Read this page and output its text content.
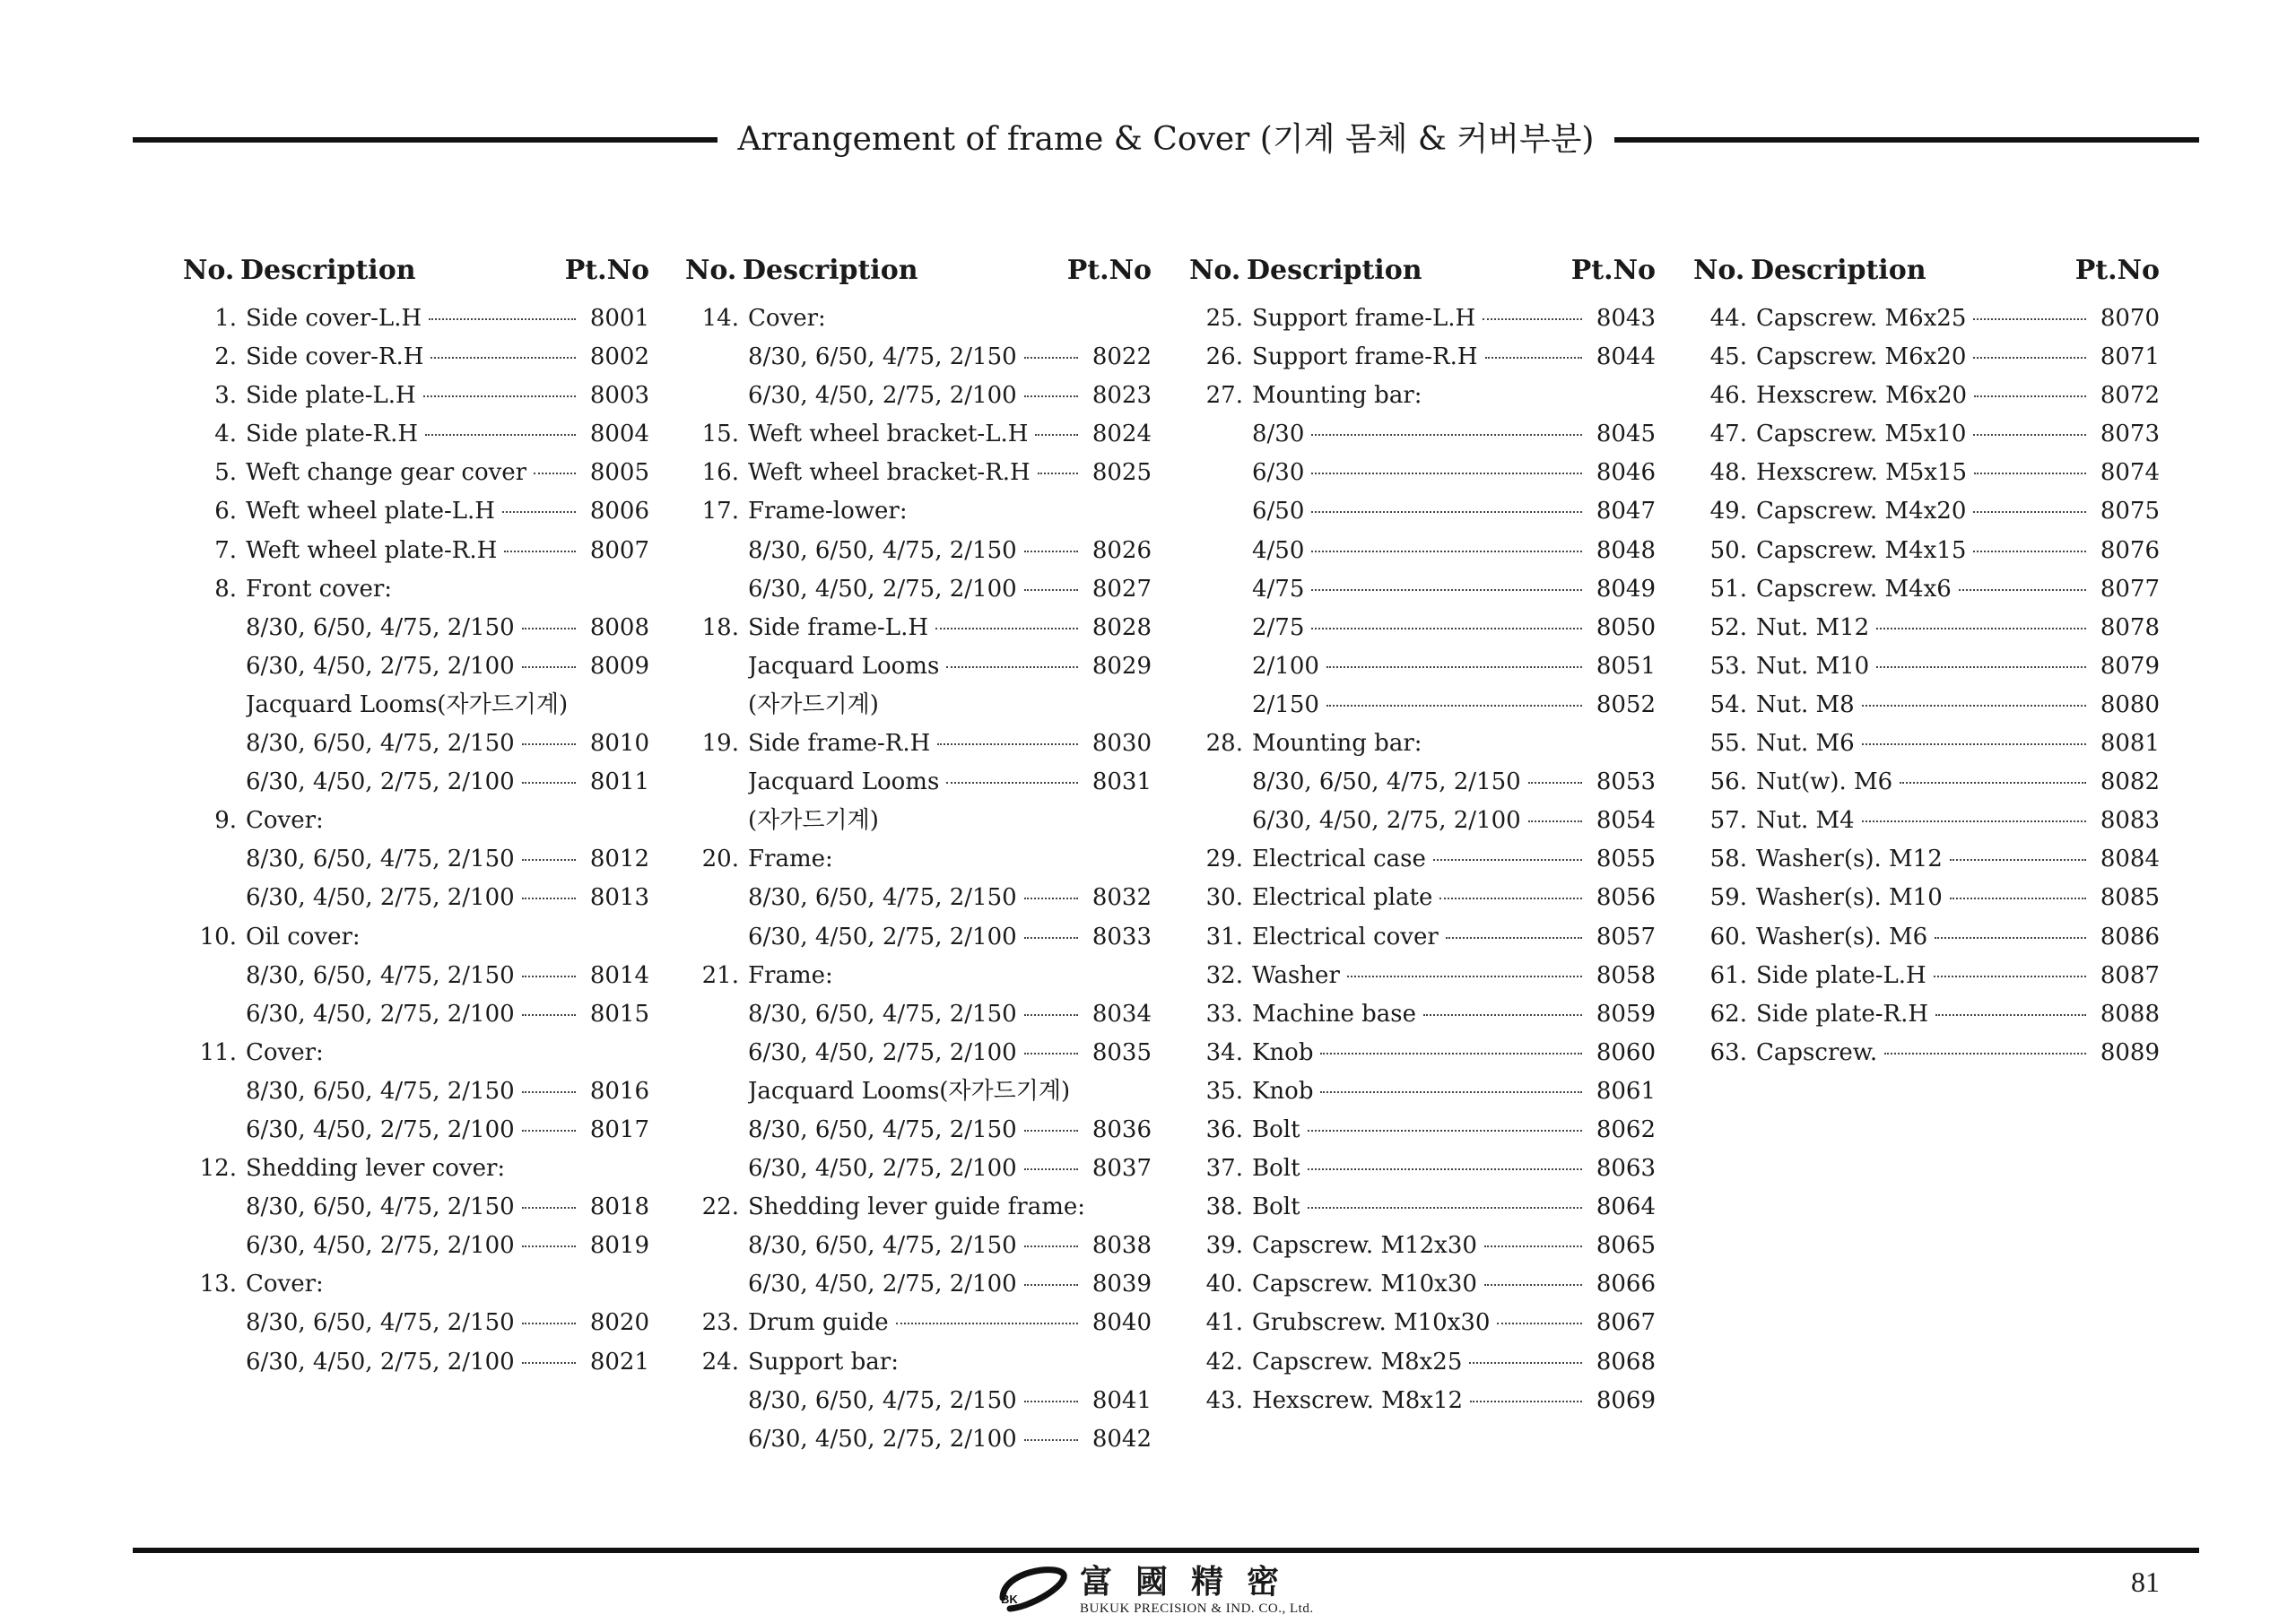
Arrangement of frame & Cover (기계 몸체 & 커버부분)
No. Description	Pt.No
1. Side cover-L.H	8001
2. Side cover-R.H	8002
3. Side plate-L.H	8003
4. Side plate-R.H	8004
5. Weft change gear cover	8005
6. Weft wheel plate-L.H	8006
7. Weft wheel plate-R.H	8007
8. Front cover:
8/30, 6/50, 4/75, 2/150	8008
6/30, 4/50, 2/75, 2/100	8009
Jacquard Looms(자가드기계)
8/30, 6/50, 4/75, 2/150	8010
6/30, 4/50, 2/75, 2/100	8011
9. Cover:
8/30, 6/50, 4/75, 2/150	8012
6/30, 4/50, 2/75, 2/100	8013
10. Oil cover:
8/30, 6/50, 4/75, 2/150	8014
6/30, 4/50, 2/75, 2/100	8015
11. Cover:
8/30, 6/50, 4/75, 2/150	8016
6/30, 4/50, 2/75, 2/100	8017
12. Shedding lever cover:
8/30, 6/50, 4/75, 2/150	8018
6/30, 4/50, 2/75, 2/100	8019
13. Cover:
8/30, 6/50, 4/75, 2/150	8020
6/30, 4/50, 2/75, 2/100	8021
No. Description	Pt.No
14. Cover:
8/30, 6/50, 4/75, 2/150	8022
6/30, 4/50, 2/75, 2/100	8023
15. Weft wheel bracket-L.H	8024
16. Weft wheel bracket-R.H	8025
17. Frame-lower:
8/30, 6/50, 4/75, 2/150	8026
6/30, 4/50, 2/75, 2/100	8027
18. Side frame-L.H	8028
Jacquard Looms	8029
(자가드기계)
19. Side frame-R.H	8030
Jacquard Looms	8031
(자가드기계)
20. Frame:
8/30, 6/50, 4/75, 2/150	8032
6/30, 4/50, 2/75, 2/100	8033
21. Frame:
8/30, 6/50, 4/75, 2/150	8034
6/30, 4/50, 2/75, 2/100	8035
Jacquard Looms(자가드기계)
8/30, 6/50, 4/75, 2/150	8036
6/30, 4/50, 2/75, 2/100	8037
22. Shedding lever guide frame:
8/30, 6/50, 4/75, 2/150	8038
6/30, 4/50, 2/75, 2/100	8039
23. Drum guide	8040
24. Support bar:
8/30, 6/50, 4/75, 2/150	8041
6/30, 4/50, 2/75, 2/100	8042
No. Description	Pt.No
25. Support frame-L.H	8043
26. Support frame-R.H	8044
27. Mounting bar:
8/30	8045
6/30	8046
6/50	8047
4/50	8048
4/75	8049
2/75	8050
2/100	8051
2/150	8052
28. Mounting bar:
8/30, 6/50, 4/75, 2/150	8053
6/30, 4/50, 2/75, 2/100	8054
29. Electrical case	8055
30. Electrical plate	8056
31. Electrical cover	8057
32. Washer	8058
33. Machine base	8059
34. Knob	8060
35. Knob	8061
36. Bolt	8062
37. Bolt	8063
38. Bolt	8064
39. Capscrew. M12x30	8065
40. Capscrew. M10x30	8066
41. Grubscrew. M10x30	8067
42. Capscrew. M8x25	8068
43. Hexscrew. M8x12	8069
No. Description	Pt.No
44. Capscrew. M6x25	8070
45. Capscrew. M6x20	8071
46. Hexscrew. M6x20	8072
47. Capscrew. M5x10	8073
48. Hexscrew. M5x15	8074
49. Capscrew. M4x20	8075
50. Capscrew. M4x15	8076
51. Capscrew. M4x6	8077
52. Nut. M12	8078
53. Nut. M10	8079
54. Nut. M8	8080
55. Nut. M6	8081
56. Nut(w). M6	8082
57. Nut. M4	8083
58. Washer(s). M12	8084
59. Washer(s). M10	8085
60. Washer(s). M6	8086
61. Side plate-L.H	8087
62. Side plate-R.H	8088
63. Capscrew.	8089
BK 富國精密
BUKUK PRECISION & IND. CO., Ltd.
81
